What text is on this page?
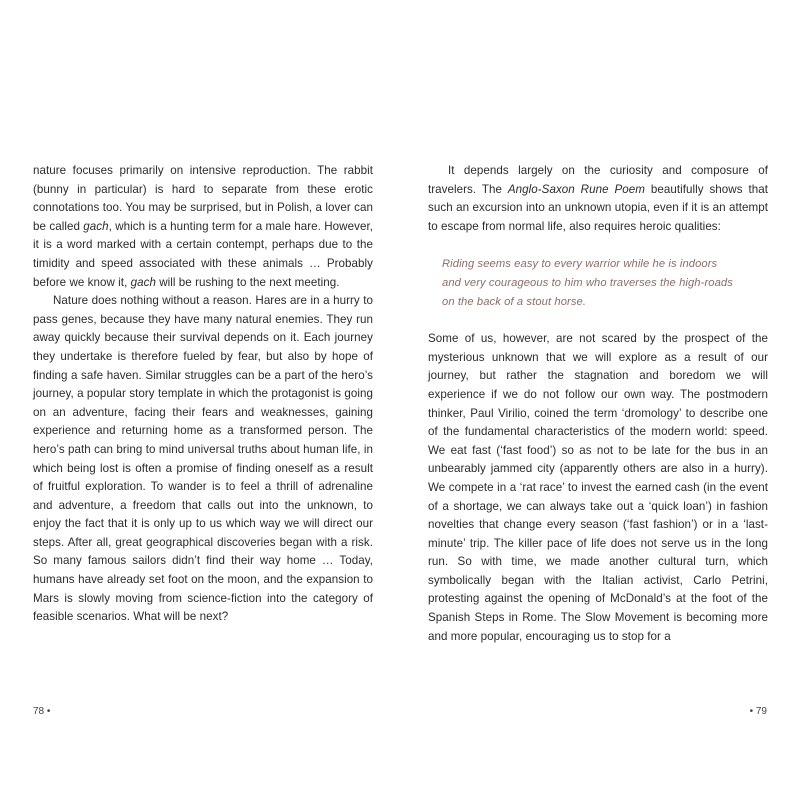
nature focuses primarily on intensive reproduction. The rabbit (bunny in particular) is hard to separate from these erotic connotations too. You may be surprised, but in Polish, a lover can be called gach, which is a hunting term for a male hare. However, it is a word marked with a certain contempt, perhaps due to the timidity and speed associated with these animals … Probably before we know it, gach will be rushing to the next meeting.

Nature does nothing without a reason. Hares are in a hurry to pass genes, because they have many natural enemies. They run away quickly because their survival depends on it. Each journey they undertake is therefore fueled by fear, but also by hope of finding a safe haven. Similar struggles can be a part of the hero’s journey, a popular story template in which the protagonist is going on an adventure, facing their fears and weaknesses, gaining experience and returning home as a transformed person. The hero’s path can bring to mind universal truths about human life, in which being lost is often a promise of finding oneself as a result of fruitful exploration. To wander is to feel a thrill of adrenaline and adventure, a freedom that calls out into the unknown, to enjoy the fact that it is only up to us which way we will direct our steps. After all, great geographical discoveries began with a risk. So many famous sailors didn’t find their way home … Today, humans have already set foot on the moon, and the expansion to Mars is slowly moving from science-fiction into the category of feasible scenarios. What will be next?

78 •

It depends largely on the curiosity and composure of travelers. The Anglo-Saxon Rune Poem beautifully shows that such an excursion into an unknown utopia, even if it is an attempt to escape from normal life, also requires heroic qualities:

Riding seems easy to every warrior while he is indoors
and very courageous to him who traverses the high-roads
on the back of a stout horse.

Some of us, however, are not scared by the prospect of the mysterious unknown that we will explore as a result of our journey, but rather the stagnation and boredom we will experience if we do not follow our own way. The postmodern thinker, Paul Virilio, coined the term ‘dromology’ to describe one of the fundamental characteristics of the modern world: speed. We eat fast (‘fast food’) so as not to be late for the bus in an unbearably jammed city (apparently others are also in a hurry). We compete in a ‘rat race’ to invest the earned cash (in the event of a shortage, we can always take out a ‘quick loan’) in fashion novelties that change every season (‘fast fashion’) or in a ‘last-minute’ trip. The killer pace of life does not serve us in the long run. So with time, we made another cultural turn, which symbolically began with the Italian activist, Carlo Petrini, protesting against the opening of McDonald’s at the foot of the Spanish Steps in Rome. The Slow Movement is becoming more and more popular, encouraging us to stop for a

• 79
